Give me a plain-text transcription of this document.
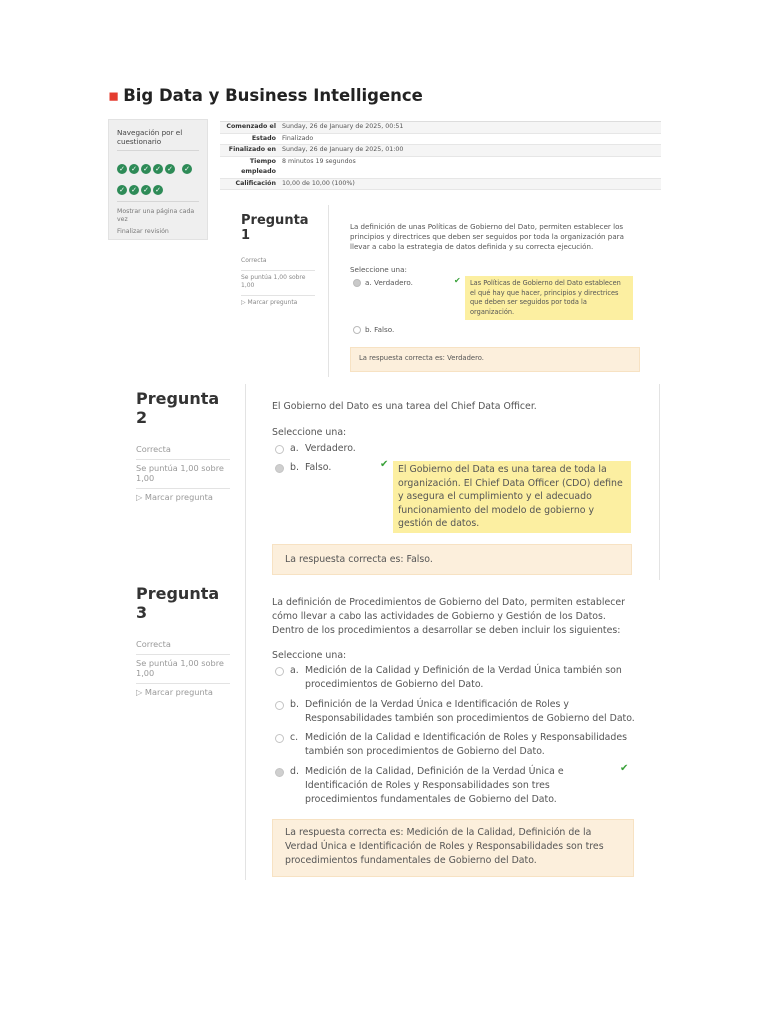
▪ Big Data y Business Intelligence
Navegación por el cuestionario
✓ ✓ ✓ ✓ ✓ ✓✓ ✓ ✓ ✓
Mostrar una página cada vez
Finalizar revisión
Comenzado el Sunday, 26 de January de 2025, 00:51
Estado Finalizado
Finalizado en Sunday, 26 de January de 2025, 01:00
Tiempo empleado
8 minutos 19 segundos
Calificación 10,00 de 10,00 (100%)
Pregunta 1
Correcta
Se puntúa 1,00 sobre 1,00
▷ Marcar pregunta
La definición de unas Políticas de Gobierno del Dato, permiten establecer los principios y directrices que deben ser seguidos por toda la organización para llevar a cabo la estrategia de datos definida y su correcta ejecución.
Seleccione una:
a. Verdadero.	✔	Las Políticas de Gobierno del Dato establecen el qué hay que hacer, principios y directrices que deben ser seguidos por toda la organización.
b. Falso.
La respuesta correcta es: Verdadero.
Pregunta 2
Correcta
Se puntúa 1,00 sobre 1,00
▷ Marcar pregunta
El Gobierno del Dato es una tarea del Chief Data Officer.
Seleccione una:
a. Verdadero.
b. Falso.	✔	El Gobierno del Data es una tarea de toda la organización. El Chief Data Officer (CDO) define y asegura el cumplimiento y el adecuado funcionamiento del modelo de gobierno y gestión de datos.
La respuesta correcta es: Falso.
Pregunta 3
Correcta
Se puntúa 1,00 sobre 1,00
▷ Marcar pregunta
La definición de Procedimientos de Gobierno del Dato, permiten establecer cómo llevar a cabo las actividades de Gobierno y Gestión de los Datos. Dentro de los procedimientos a desarrollar se deben incluir los siguientes:
Seleccione una:
a. Medición de la Calidad y Definición de la Verdad Única también son procedimientos de Gobierno del Dato.
b. Definición de la Verdad Única e Identificación de Roles y Responsabilidades también son procedimientos de Gobierno del Dato.
c. Medición de la Calidad e Identificación de Roles y Responsabilidades también son procedimientos de Gobierno del Dato.
d. Medición de la Calidad, Definición de la Verdad Única e Identificación de Roles y Responsabilidades son tres procedimientos fundamentales de Gobierno del Dato.
✔
La respuesta correcta es: Medición de la Calidad, Definición de la Verdad Única e Identificación de Roles y Responsabilidades son tres procedimientos fundamentales de Gobierno del Dato.
